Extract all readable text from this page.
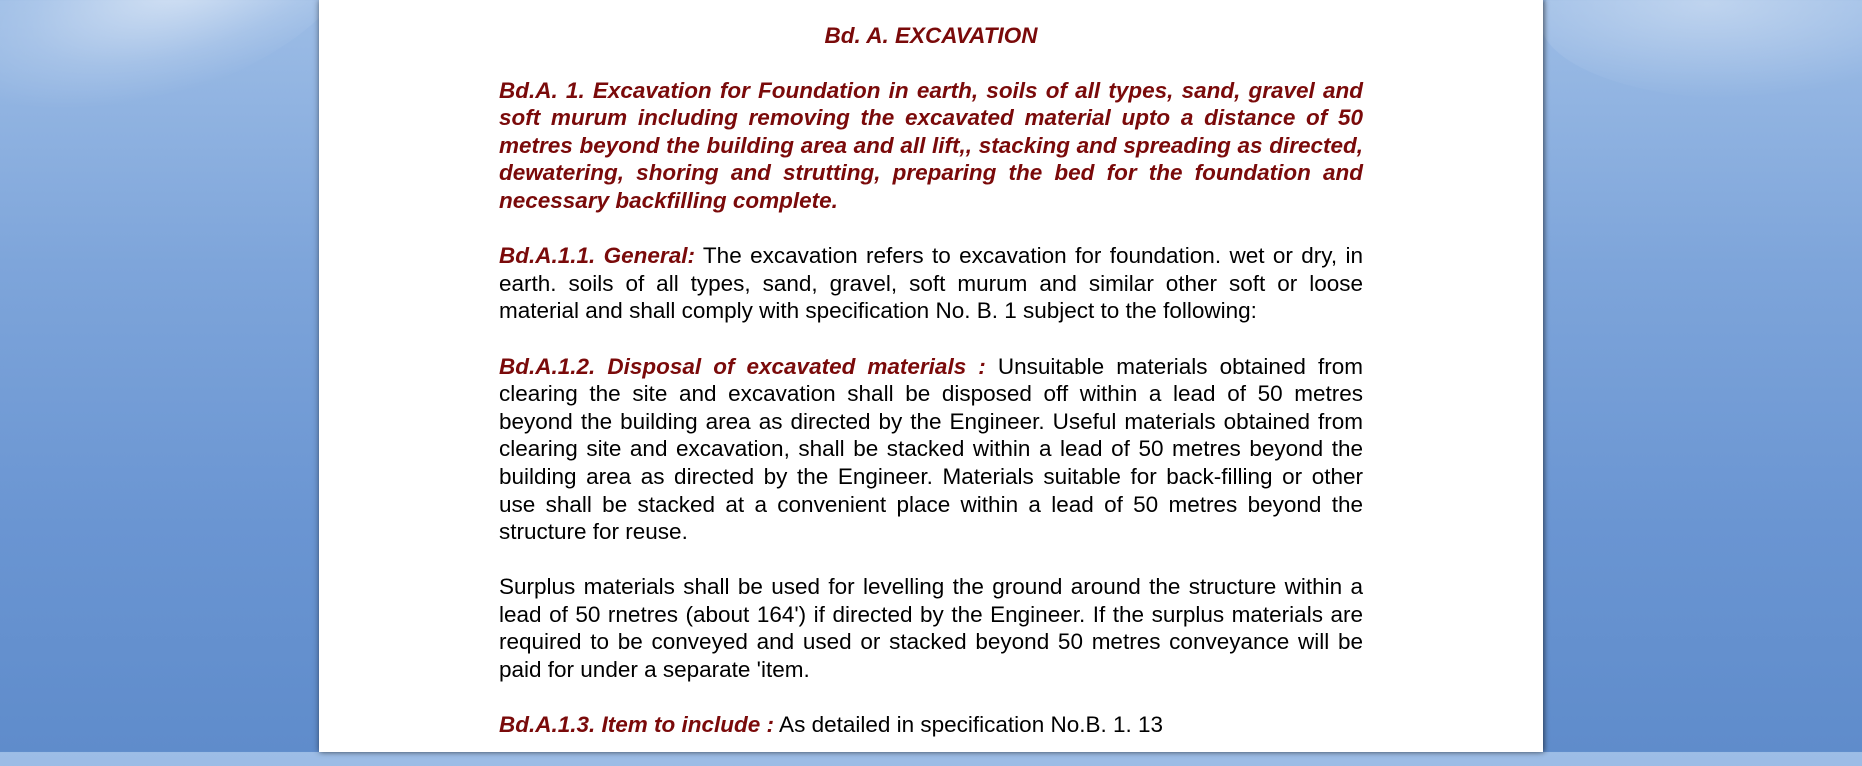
Bd. A. EXCAVATION
Bd.A. 1. Excavation for Foundation in earth, soils of all types, sand, gravel and soft murum including removing the excavated material upto a distance of 50 metres beyond the building area and all lift,, stacking and spreading as directed, dewatering, shoring and strutting, preparing the bed for the foundation and necessary backfilling complete.
Bd.A.1.1. General: The excavation refers to excavation for foundation. wet or dry, in earth. soils of all types, sand, gravel, soft murum and similar other soft or loose material and shall comply with specification No. B. 1 subject to the following:
Bd.A.1.2. Disposal of excavated materials : Unsuitable materials obtained from clearing the site and excavation shall be disposed off within a lead of 50 metres beyond the building area as directed by the Engineer. Useful materials obtained from clearing site and excavation, shall be stacked within a lead of 50 metres beyond the building area as directed by the Engineer. Materials suitable for back-filling or other use shall be stacked at a convenient place within a lead of 50 metres beyond the structure for reuse.
Surplus materials shall be used for levelling the ground around the structure within a lead of 50 rnetres (about 164') if directed by the Engineer. If the surplus materials are required to be conveyed and used or stacked beyond 50 metres conveyance will be paid for under a separate 'item.
Bd.A.1.3. Item to include : As detailed in specification No.B. 1. 13
